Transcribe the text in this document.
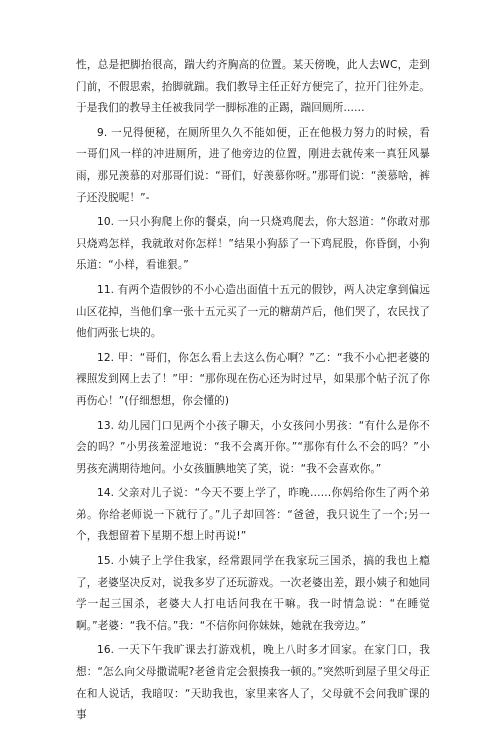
性，总是把脚抬很高，踹大约齐胸高的位置。某天傍晚，此人去WC，走到门前，不假思索，抬脚就踹。我们教导主任正好方便完了，拉开门往外走。于是我们的教导主任被我同学一脚标准的正踢，踹回厕所……

9. 一兄得便秘，在厕所里久久不能如便，正在他极力努力的时候，看一哥们风一样的冲进厕所，进了他旁边的位置，刚进去就传来一真狂风暴雨，那兄羡慕的对那哥们说：“哥们，好羡慕你呀。”那哥们说：“羡慕啥，裤子还没脱呢！”-

10. 一只小狗爬上你的餐桌，向一只烧鸡爬去，你大怒道：“你敢对那只烧鸡怎样，我就敢对你怎样！”结果小狗舔了一下鸡屁股，你昏倒，小狗乐道：“小样，看谁狠。”

11. 有两个造假钞的不小心造出面值十五元的假钞，两人决定拿到偏远山区花掉，当他们拿一张十五元买了一元的糖葫芦后，他们哭了，农民找了他们两张七块的。

12. 甲：“哥们，你怎么看上去这么伤心啊？”乙：“我不小心把老婆的裸照发到网上去了！”甲：“那你现在伤心还为时过早，如果那个帖子沉了你再伤心！”(仔细想想，你会懂的)

13. 幼儿园门口见两个小孩子聊天，小女孩问小男孩：“有什么是你不会的吗？”小男孩羞涩地说：“我不会离开你。”“那你有什么不会的吗？”小男孩充满期待地问。小女孩腼腆地笑了笑，说：“我不会喜欢你。”

14. 父亲对儿子说：“今天不要上学了，昨晚……你妈给你生了两个弟弟。你给老师说一下就行了。”儿子却回答：“爸爸，我只说生了一个;另一个，我想留着下星期不想上时再说!”

15. 小姨子上学住我家，经常跟同学在我家玩三国杀，搞的我也上瘾了，老婆坚决反对，说我多岁了还玩游戏。一次老婆出差，跟小姨子和她同学一起三国杀，老婆大人打电话问我在干嘛。我一时情急说：“在睡觉啊。”老婆：“我不信。”我：“不信你问你妹妹，她就在我旁边。”

16. 一天下午我旷课去打游戏机，晚上八时多才回家。在家门口，我想：“怎么向父母撒谎呢?老爸肯定会狠揍我一顿的。”突然听到屋子里父母正在和人说话，我暗叹：“天助我也，家里来客人了，父母就不会问我旷课的事
